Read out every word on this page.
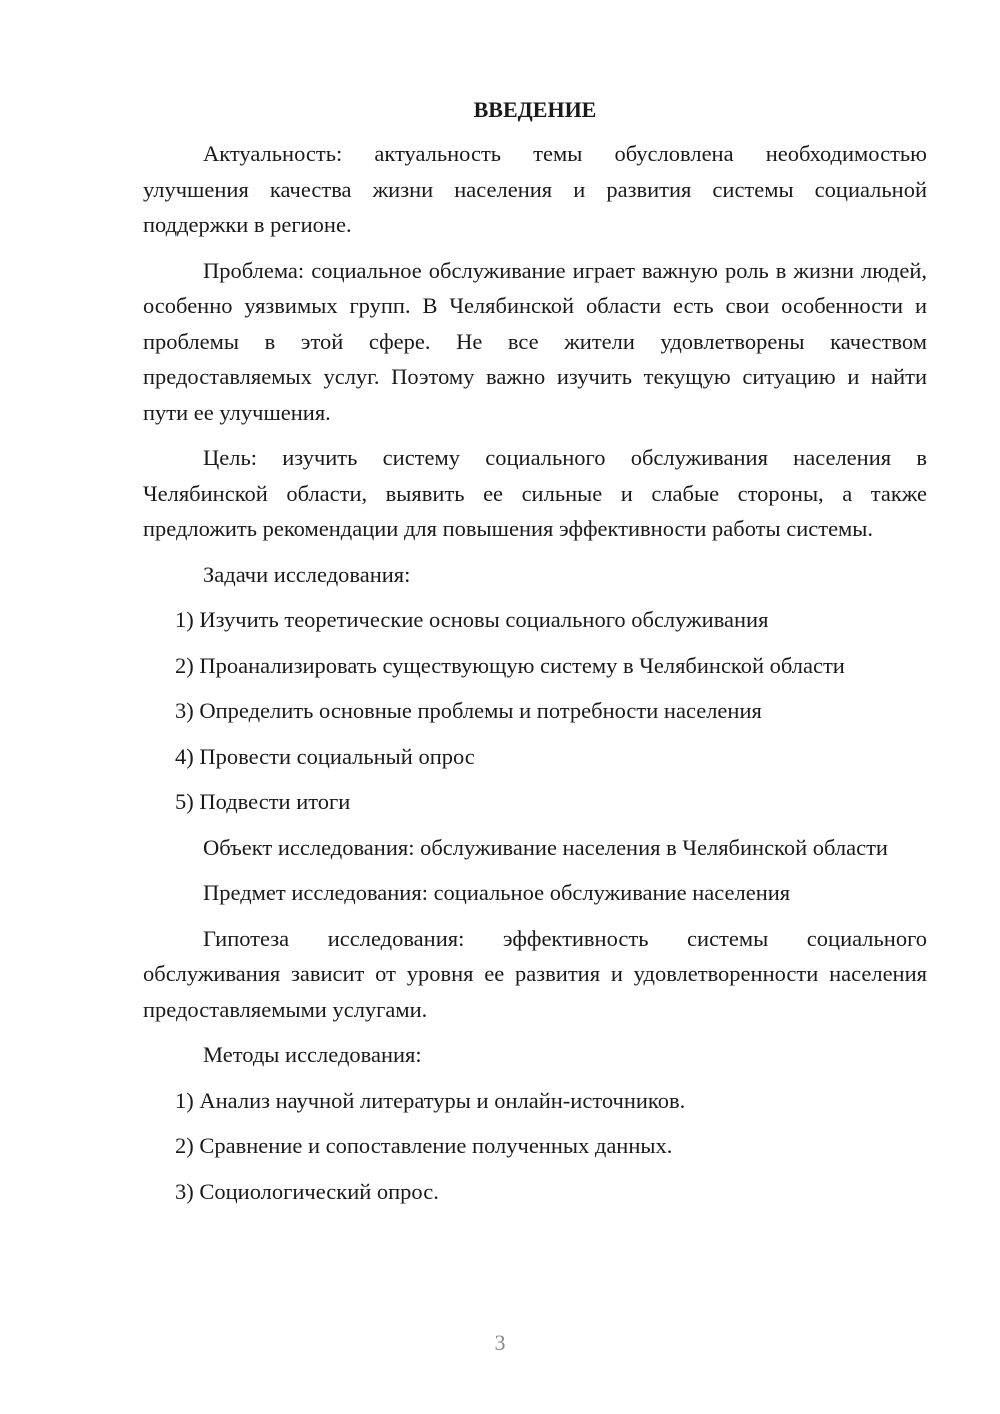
ВВЕДЕНИЕ

Актуальность: актуальность темы обусловлена необходимостью улучшения качества жизни населения и развития системы социальной поддержки в регионе.

Проблема: социальное обслуживание играет важную роль в жизни людей, особенно уязвимых групп. В Челябинской области есть свои особенности и проблемы в этой сфере. Не все жители удовлетворены качеством предоставляемых услуг. Поэтому важно изучить текущую ситуацию и найти пути ее улучшения.

Цель: изучить систему социального обслуживания населения в Челябинской области, выявить ее сильные и слабые стороны, а также предложить рекомендации для повышения эффективности работы системы.

Задачи исследования:

1) Изучить теоретические основы социального обслуживания
2) Проанализировать существующую систему в Челябинской области
3) Определить основные проблемы и потребности населения
4) Провести социальный опрос
5) Подвести итоги

Объект исследования: обслуживание населения в Челябинской области

Предмет исследования: социальное обслуживание населения

Гипотеза исследования: эффективность системы социального обслуживания зависит от уровня ее развития и удовлетворенности населения предоставляемыми услугами.

Методы исследования:

1) Анализ научной литературы и онлайн-источников.
2) Сравнение и сопоставление полученных данных.
3) Социологический опрос.
3
